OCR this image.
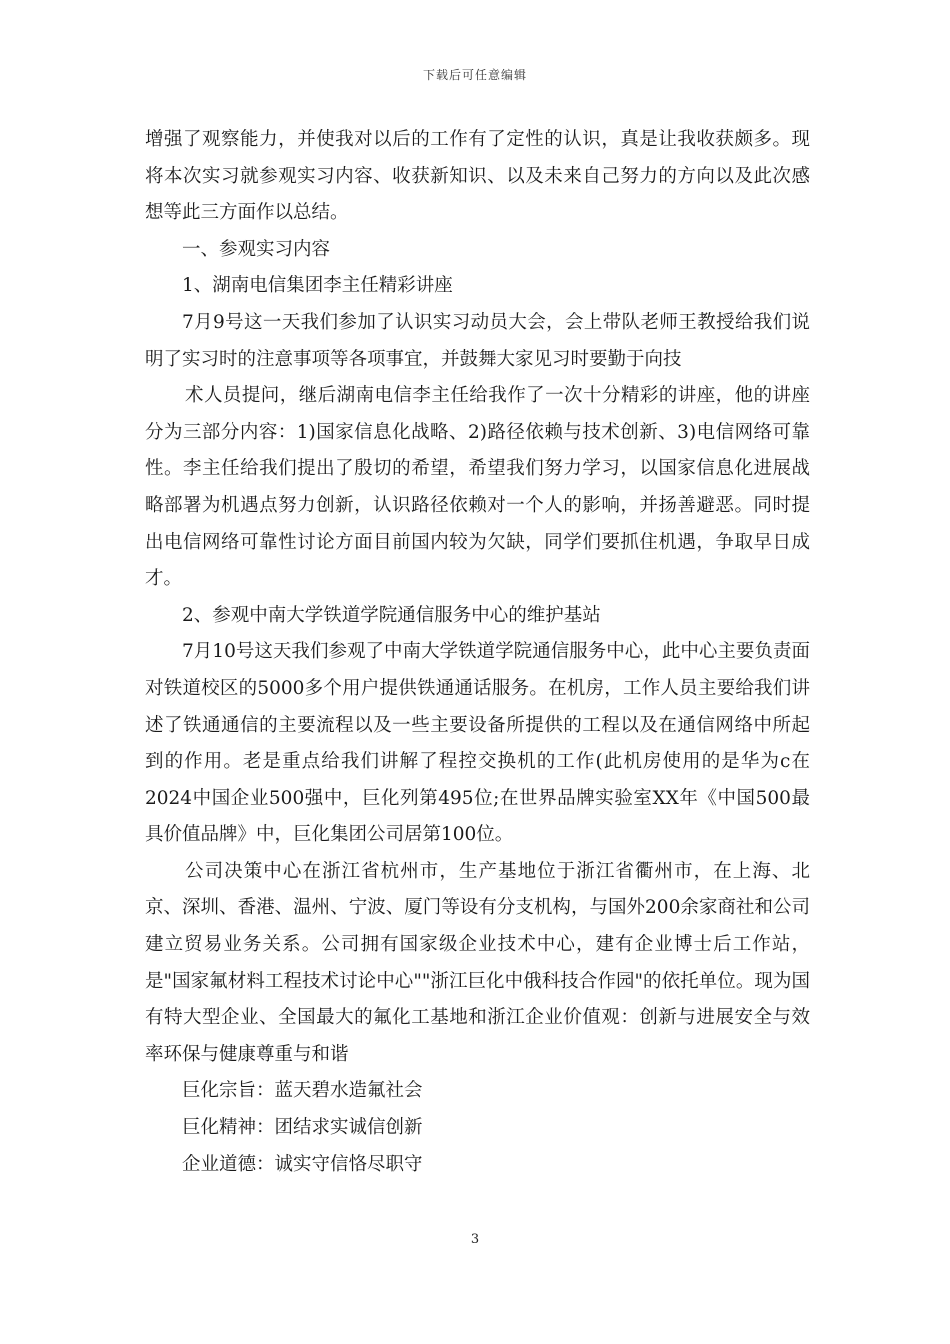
下载后可任意编辑

增强了观察能力，并使我对以后的工作有了定性的认识，真是让我收获颇多。现将本次实习就参观实习内容、收获新知识、以及未来自己努力的方向以及此次感想等此三方面作以总结。

一、参观实习内容

1、湖南电信集团李主任精彩讲座

7月9号这一天我们参加了认识实习动员大会，会上带队老师王教授给我们说明了实习时的注意事项等各项事宜，并鼓舞大家见习时要勤于向技

术人员提问，继后湖南电信李主任给我作了一次十分精彩的讲座，他的讲座分为三部分内容：1)国家信息化战略、2)路径依赖与技术创新、3)电信网络可靠性。李主任给我们提出了殷切的希望，希望我们努力学习，以国家信息化进展战略部署为机遇点努力创新，认识路径依赖对一个人的影响，并扬善避恶。同时提出电信网络可靠性讨论方面目前国内较为欠缺，同学们要抓住机遇，争取早日成才。

2、参观中南大学铁道学院通信服务中心的维护基站

7月10号这天我们参观了中南大学铁道学院通信服务中心，此中心主要负责面对铁道校区的5000多个用户提供铁通通话服务。在机房，工作人员主要给我们讲述了铁通通信的主要流程以及一些主要设备所提供的工程以及在通信网络中所起到的作用。老是重点给我们讲解了程控交换机的工作(此机房使用的是华为c在2024中国企业500强中，巨化列第495位;在世界品牌实验室XX年《中国500最具价值品牌》中，巨化集团公司居第100位。

公司决策中心在浙江省杭州市，生产基地位于浙江省衢州市，在上海、北京、深圳、香港、温州、宁波、厦门等设有分支机构，与国外200余家商社和公司建立贸易业务关系。公司拥有国家级企业技术中心，建有企业博士后工作站，是"国家氟材料工程技术讨论中心""浙江巨化中俄科技合作园"的依托单位。现为国有特大型企业、全国最大的氟化工基地和浙江企业价值观：创新与进展安全与效率环保与健康尊重与和谐

巨化宗旨：蓝天碧水造氟社会

巨化精神：团结求实诚信创新

企业道德：诚实守信恪尽职守

3
